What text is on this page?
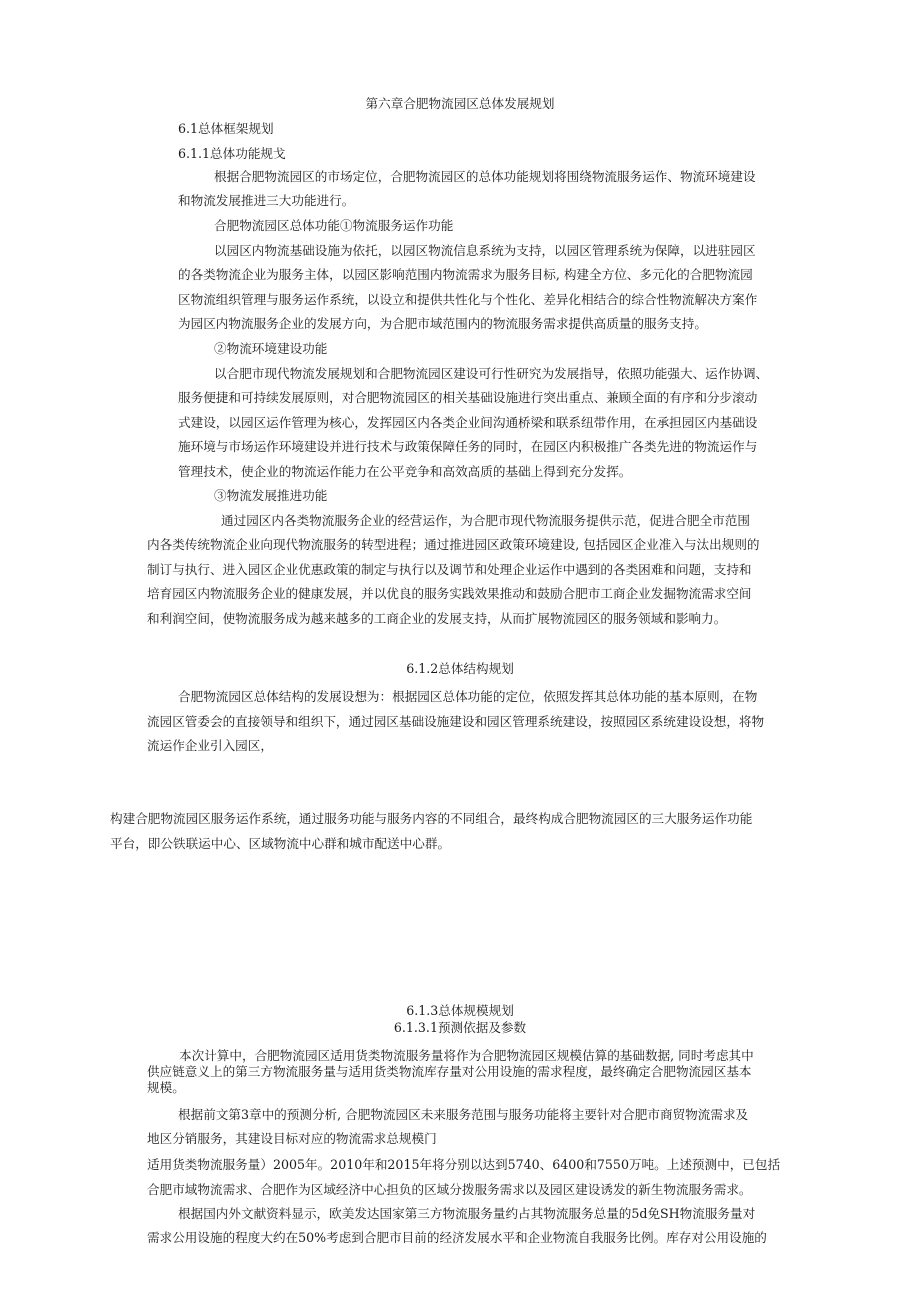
第六章合肥物流园区总体发展规划
6.1总体框架规划
6.1.1总体功能规戈
根据合肥物流园区的市场定位，合肥物流园区的总体功能规划将围绕物流服务运作、物流环境建设
和物流发展推进三大功能进行。
合肥物流园区总体功能①物流服务运作功能
以园区内物流基础设施为依托，以园区物流信息系统为支持，以园区管理系统为保障，以进驻园区
的各类物流企业为服务主体，以园区影响范围内物流需求为服务目标, 构建全方位、多元化的合肥物流园
区物流组织管理与服务运作系统，以设立和提供共性化与个性化、差异化相结合的综合性物流解决方案作
为园区内物流服务企业的发展方向，为合肥市域范围内的物流服务需求提供高质量的服务支持。
②物流环境建设功能
以合肥市现代物流发展规划和合肥物流园区建设可行性研究为发展指导，依照功能强大、运作协调、
服务便捷和可持续发展原则，对合肥物流园区的相关基础设施进行突出重点、兼顾全面的有序和分步滚动
式建设，以园区运作管理为核心，发挥园区内各类企业间沟通桥梁和联系纽带作用，在承担园区内基础设
施环境与市场运作环境建设并进行技术与政策保障任务的同时，在园区内积极推广各类先进的物流运作与
管理技术，使企业的物流运作能力在公平竞争和高效高质的基础上得到充分发挥。
③物流发展推进功能
通过园区内各类物流服务企业的经营运作，为合肥市现代物流服务提供示范，促进合肥全市范围
内各类传统物流企业向现代物流服务的转型进程；通过推进园区政策环境建设, 包括园区企业准入与汰出规则的
制订与执行、进入园区企业优惠政策的制定与执行以及调节和处理企业运作中遇到的各类困难和问题，支持和
培育园区内物流服务企业的健康发展，并以优良的服务实践效果推动和鼓励合肥市工商企业发掘物流需求空间
和利润空间，使物流服务成为越来越多的工商企业的发展支持，从而扩展物流园区的服务领域和影响力。
6.1.2总体结构规划
合肥物流园区总体结构的发展设想为：根据园区总体功能的定位，依照发挥其总体功能的基本原则，在物
流园区管委会的直接领导和组织下，通过园区基础设施建设和园区管理系统建设，按照园区系统建设设想，将物
流运作企业引入园区，
构建合肥物流园区服务运作系统，通过服务功能与服务内容的不同组合，最终构成合肥物流园区的三大服务运作功能
平台，即公铁联运中心、区域物流中心群和城市配送中心群。
6.1.3总体规模规划
6.1.3.1预测依据及参数
本次计算中，合肥物流园区适用货类物流服务量将作为合肥物流园区规模估算的基础数据, 同时考虑其中
供应链意义上的第三方物流服务量与适用货类物流库存量对公用设施的需求程度，最终确定合肥物流园区基本
规模。
根据前文第3章中的预测分析, 合肥物流园区未来服务范围与服务功能将主要针对合肥市商贸物流需求及
地区分销服务，其建设目标对应的物流需求总规模门
适用货类物流服务量）2005年。2010年和2015年将分别以达到5740、6400和7550万吨。上述预测中，已包括
合肥市域物流需求、合肥作为区域经济中心担负的区域分拨服务需求以及园区建设诱发的新生物流服务需求。
根据国内外文献资料显示，欧美发达国家第三方物流服务量约占其物流服务总量的5d免SH物流服务量对
需求公用设施的程度大约在50%考虑到合肥市目前的经济发展水平和企业物流自我服务比例。库存对公用设施的
